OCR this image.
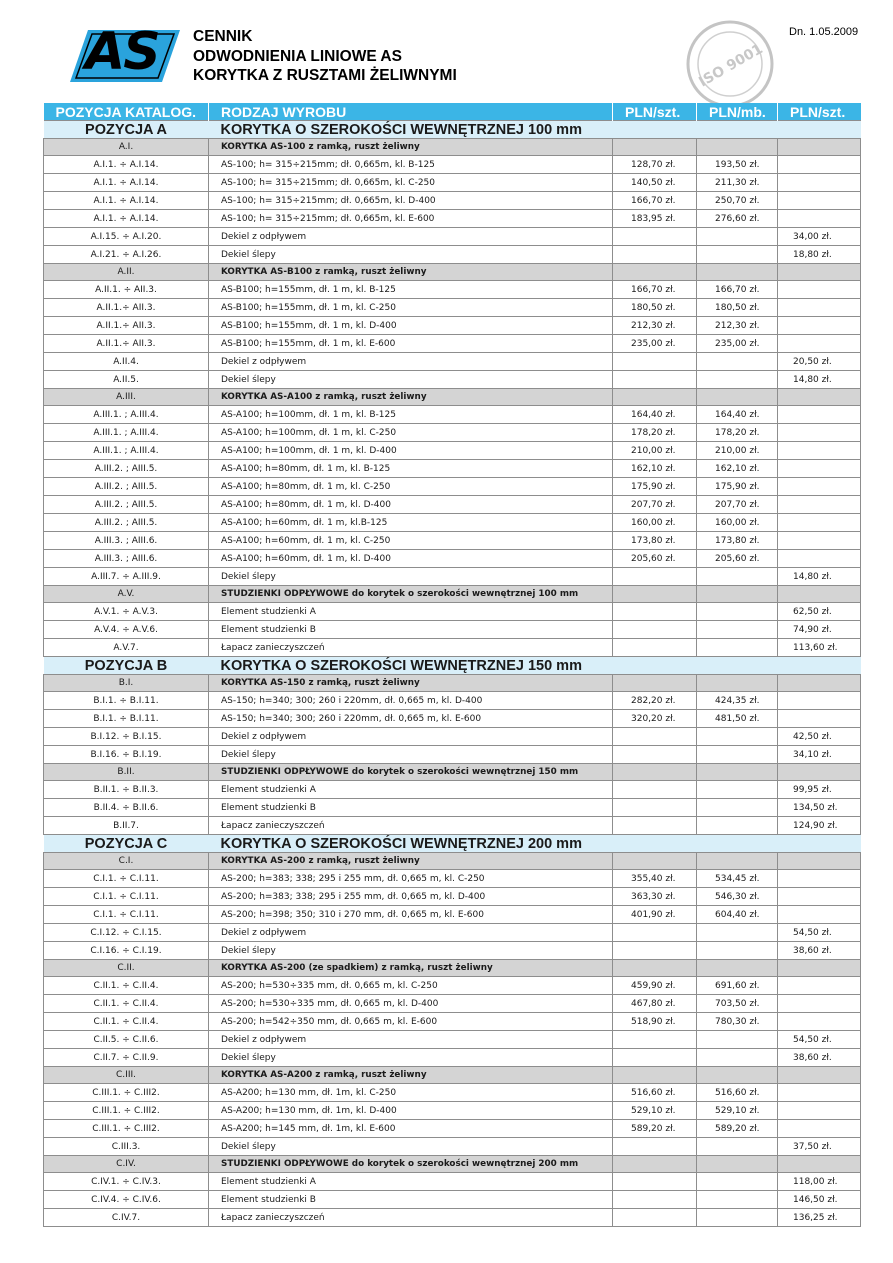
AS CENNIK
ODWODNIENIA LINIOWE AS
KORYTKA Z RUSZTAMI ŻELIWNYMI	ISO 9001
Dn. 1.05.2009
POZYCJA KATALOG.	RODZAJ WYROBU	PLN/szt.	PLN/mb.	PLN/szt.
POZYCJA A	KORYTKA O SZEROKOŚCI WEWNĘTRZNEJ 100 mm			
A.I.	KORYTKA AS-100 z ramką, ruszt żeliwny			
A.I.1. ÷ A.I.14.	AS-100; h= 315÷215mm; dł. 0,665m, kl. B-125	128,70 zł.	193,50 zł.	
A.I.1. ÷ A.I.14.	AS-100; h= 315÷215mm; dł. 0,665m, kl. C-250	140,50 zł.	211,30 zł.	
A.I.1. ÷ A.I.14.	AS-100; h= 315÷215mm; dł. 0,665m, kl. D-400	166,70 zł.	250,70 zł.	
A.I.1. ÷ A.I.14.	AS-100; h= 315÷215mm; dł. 0,665m, kl. E-600	183,95 zł.	276,60 zł.	
A.I.15. ÷ A.I.20.	Dekiel z odpływem			34,00 zł.
A.I.21. ÷ A.I.26.	Dekiel ślepy			18,80 zł.
A.II.	KORYTKA AS-B100 z ramką, ruszt żeliwny			
A.II.1. ÷ AII.3.	AS-B100; h=155mm, dł. 1 m, kl. B-125	166,70 zł.	166,70 zł.	
A.II.1.÷ AII.3.	AS-B100; h=155mm, dł. 1 m, kl. C-250	180,50 zł.	180,50 zł.	
A.II.1.÷ AII.3.	AS-B100; h=155mm, dł. 1 m, kl. D-400	212,30 zł.	212,30 zł.	
A.II.1.÷ AII.3.	AS-B100; h=155mm, dł. 1 m, kl. E-600	235,00 zł.	235,00 zł.	
A.II.4.	Dekiel z odpływem			20,50 zł.
A.II.5.	Dekiel ślepy			14,80 zł.
A.III.	KORYTKA AS-A100 z ramką, ruszt żeliwny			
A.III.1. ; A.III.4.	AS-A100; h=100mm, dł. 1 m, kl. B-125	164,40 zł.	164,40 zł.	
A.III.1. ; A.III.4.	AS-A100; h=100mm, dł. 1 m, kl. C-250	178,20 zł.	178,20 zł.	
A.III.1. ; A.III.4.	AS-A100; h=100mm, dł. 1 m, kl. D-400	210,00 zł.	210,00 zł.	
A.III.2. ; AIII.5.	AS-A100; h=80mm, dł. 1 m, kl. B-125	162,10 zł.	162,10 zł.	
A.III.2. ; AIII.5.	AS-A100; h=80mm, dł. 1 m, kl. C-250	175,90 zł.	175,90 zł.	
A.III.2. ; AIII.5.	AS-A100; h=80mm, dł. 1 m, kl. D-400	207,70 zł.	207,70 zł.	
A.III.2. ; AIII.5.	AS-A100; h=60mm, dł. 1 m, kl.B-125	160,00 zł.	160,00 zł.	
A.III.3. ; AIII.6.	AS-A100; h=60mm, dł. 1 m, kl. C-250	173,80 zł.	173,80 zł.	
A.III.3. ; AIII.6.	AS-A100; h=60mm, dł. 1 m, kl. D-400	205,60 zł.	205,60 zł.	
A.III.7. ÷ A.III.9.	Dekiel ślepy			14,80 zł.
A.V.	STUDZIENKI ODPŁYWOWE do korytek o szerokości wewnętrznej 100 mm			
A.V.1. ÷ A.V.3.	Element studzienki A			62,50 zł.
A.V.4. ÷ A.V.6.	Element studzienki B			74,90 zł.
A.V.7.	Łapacz zanieczyszczeń			113,60 zł.
POZYCJA B	KORYTKA O SZEROKOŚCI WEWNĘTRZNEJ 150 mm			
B.I.	KORYTKA AS-150 z ramką, ruszt żeliwny			
B.I.1. ÷ B.I.11.	AS-150; h=340; 300; 260 i 220mm, dł. 0,665 m, kl. D-400	282,20 zł.	424,35 zł.	
B.I.1. ÷ B.I.11.	AS-150; h=340; 300; 260 i 220mm, dł. 0,665 m, kl. E-600	320,20 zł.	481,50 zł.	
B.I.12. ÷ B.I.15.	Dekiel z odpływem			42,50 zł.
B.I.16. ÷ B.I.19.	Dekiel ślepy			34,10 zł.
B.II.	STUDZIENKI ODPŁYWOWE do korytek o szerokości wewnętrznej 150 mm			
B.II.1. ÷ B.II.3.	Element studzienki A			99,95 zł.
B.II.4. ÷ B.II.6.	Element studzienki B			134,50 zł.
B.II.7.	Łapacz zanieczyszczeń			124,90 zł.
POZYCJA C	KORYTKA O SZEROKOŚCI WEWNĘTRZNEJ 200 mm			
C.I.	KORYTKA AS-200 z ramką, ruszt żeliwny			
C.I.1. ÷ C.I.11.	AS-200; h=383; 338; 295 i 255 mm, dł. 0,665 m, kl. C-250	355,40 zł.	534,45 zł.	
C.I.1. ÷ C.I.11.	AS-200; h=383; 338; 295 i 255 mm, dł. 0,665 m, kl. D-400	363,30 zł.	546,30 zł.	
C.I.1. ÷ C.I.11.	AS-200; h=398; 350; 310 i 270 mm, dł. 0,665 m, kl. E-600	401,90 zł.	604,40 zł.	
C.I.12. ÷ C.I.15.	Dekiel z odpływem			54,50 zł.
C.I.16. ÷ C.I.19.	Dekiel ślepy			38,60 zł.
C.II.	KORYTKA AS-200 (ze spadkiem) z ramką, ruszt żeliwny			
C.II.1. ÷ C.II.4.	AS-200; h=530÷335 mm, dł. 0,665 m, kl. C-250	459,90 zł.	691,60 zł.	
C.II.1. ÷ C.II.4.	AS-200; h=530÷335 mm, dł. 0,665 m, kl. D-400	467,80 zł.	703,50 zł.	
C.II.1. ÷ C.II.4.	AS-200; h=542÷350 mm, dł. 0,665 m, kl. E-600	518,90 zł.	780,30 zł.	
C.II.5. ÷ C.II.6.	Dekiel z odpływem			54,50 zł.
C.II.7. ÷ C.II.9.	Dekiel ślepy			38,60 zł.
C.III.	KORYTKA AS-A200 z ramką, ruszt żeliwny			
C.III.1. ÷ C.III2.	AS-A200; h=130 mm, dł. 1m, kl. C-250	516,60 zł.	516,60 zł.	
C.III.1. ÷ C.III2.	AS-A200; h=130 mm, dł. 1m, kl. D-400	529,10 zł.	529,10 zł.	
C.III.1. ÷ C.III2.	AS-A200; h=145 mm, dł. 1m, kl. E-600	589,20 zł.	589,20 zł.	
C.III.3.	Dekiel ślepy			37,50 zł.
C.IV.	STUDZIENKI ODPŁYWOWE do korytek o szerokości wewnętrznej 200 mm			
C.IV.1. ÷ C.IV.3.	Element studzienki A			118,00 zł.
C.IV.4. ÷ C.IV.6.	Element studzienki B			146,50 zł.
C.IV.7.	Łapacz zanieczyszczeń			136,25 zł.
